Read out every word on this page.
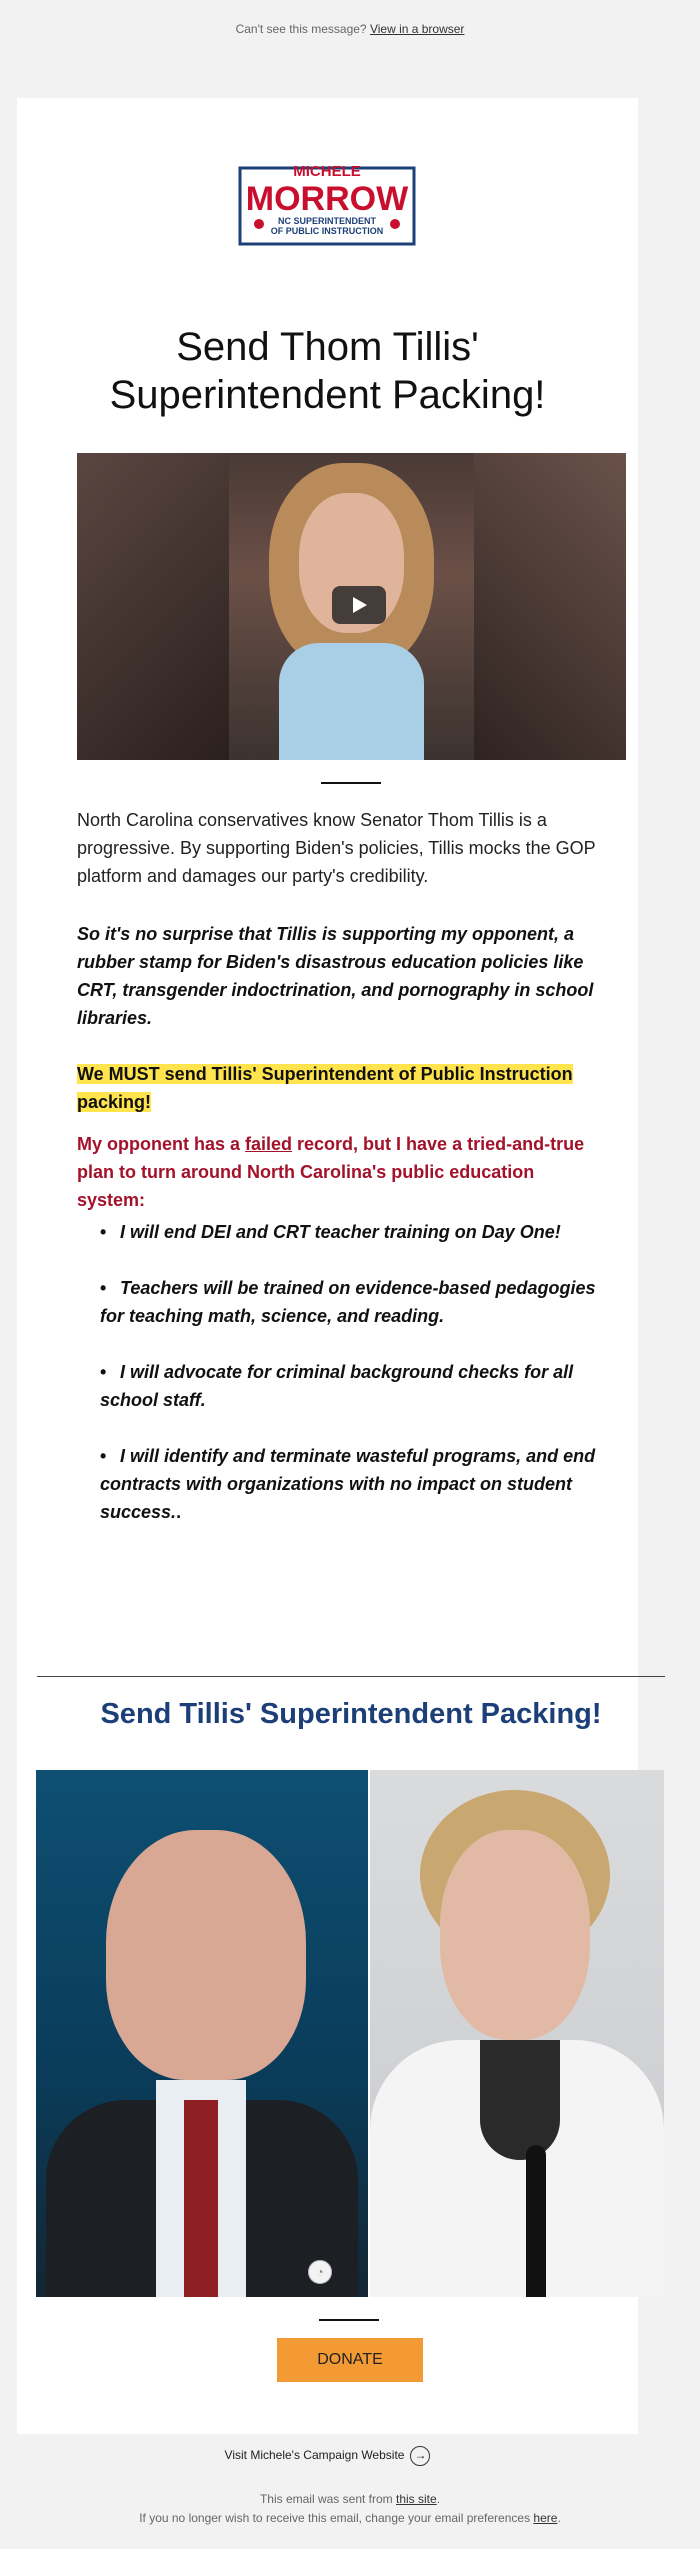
Can't see this message? View in a browser
MICHELE
MORROW
NC SUPERINTENDENT
OF PUBLIC INSTRUCTION
Send Thom Tillis'
Superintendent Packing!
North Carolina conservatives know Senator Thom Tillis is a progressive. By supporting Biden's policies, Tillis mocks the GOP platform and damages our party's credibility.
So it's no surprise that Tillis is supporting my opponent, a rubber stamp for Biden's disastrous education policies like CRT, transgender indoctrination, and pornography in school libraries.
We MUST send Tillis' Superintendent of Public Instruction packing!
My opponent has a failed record, but I have a tried-and-true plan to turn around North Carolina's public education system:
• I will end DEI and CRT teacher training on Day One!
• Teachers will be trained on evidence-based pedagogies for teaching math, science, and reading.
• I will advocate for criminal background checks for all school staff.
• I will identify and terminate wasteful programs, and end contracts with organizations with no impact on student success..
Send Tillis' Superintendent Packing!
◔
DONATE
Visit Michele's Campaign Website →
This email was sent from this site.
If you no longer wish to receive this email, change your email preferences here.
